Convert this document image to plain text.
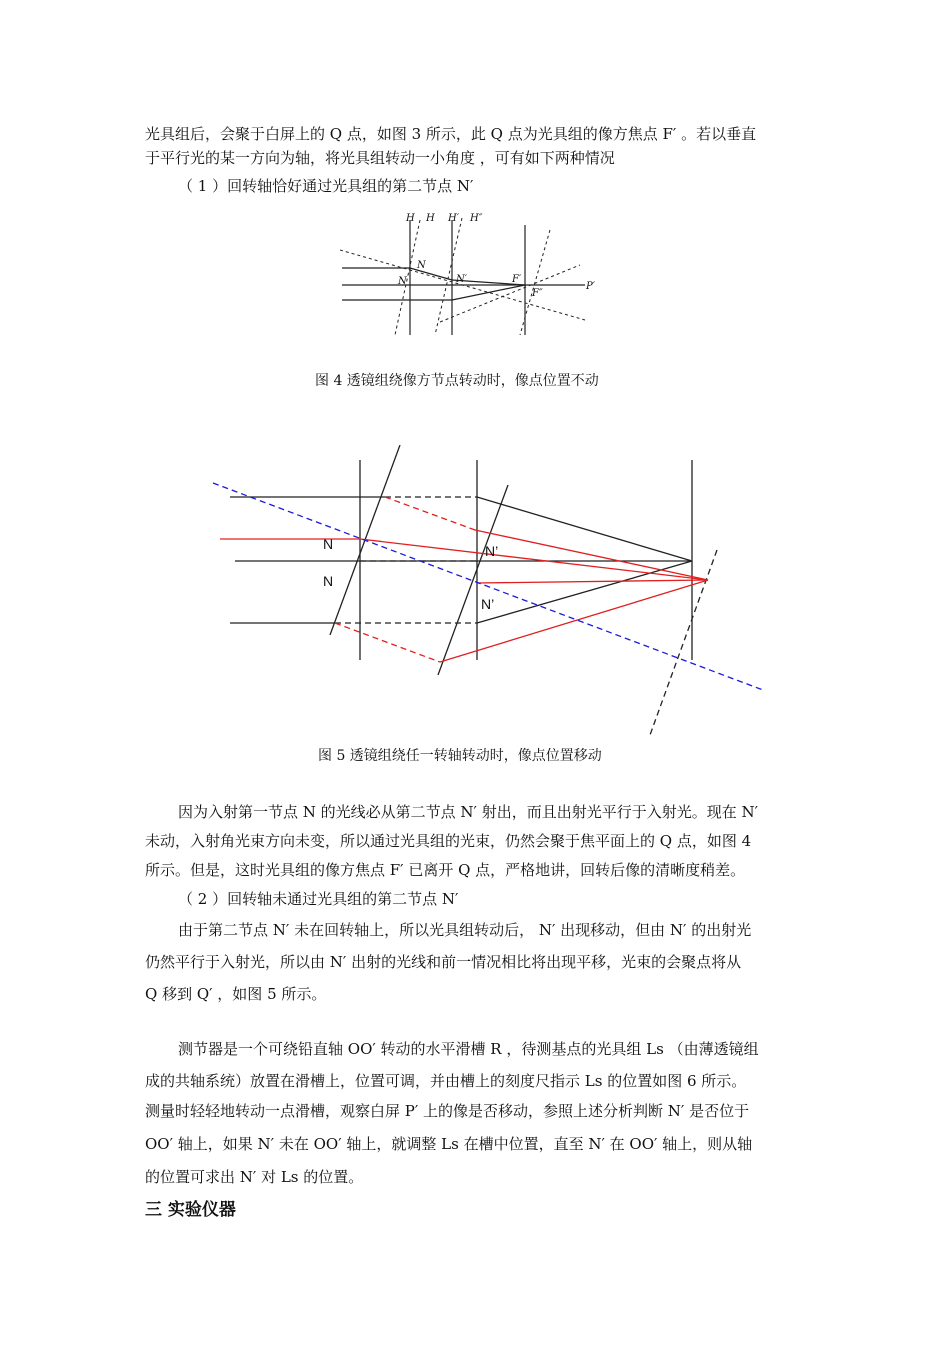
光具组后，会聚于白屏上的 Q 点，如图 3 所示，此 Q 点为光具组的像方焦点 F′ 。若以垂直
于平行光的某一方向为轴，将光具组转动一小角度 ，可有如下两种情况
（ 1 ）回转轴恰好通过光具组的第二节点 N′
H H H′ H″
N
N	N′	F′
F″
P′
图 4 透镜组绕像方节点转动时，像点位置不动
N
N
N’
N’
图 5 透镜组绕任一转轴转动时，像点位置移动
因为入射第一节点 N 的光线必从第二节点 N′ 射出，而且出射光平行于入射光。现在 N′
未动，入射角光束方向未变，所以通过光具组的光束，仍然会聚于焦平面上的 Q 点，如图 4
所示。但是，这时光具组的像方焦点 F′ 已离开 Q 点，严格地讲，回转后像的清晰度稍差。
（ 2 ）回转轴未通过光具组的第二节点 N′
由于第二节点 N′ 未在回转轴上，所以光具组转动后， N′ 出现移动，但由 N′ 的出射光
仍然平行于入射光，所以由 N′ 出射的光线和前一情况相比将出现平移，光束的会聚点将从
Q 移到 Q′ ，如图 5 所示。
测节器是一个可绕铅直轴 OO′ 转动的水平滑槽 R ，待测基点的光具组 Ls （由薄透镜组
成的共轴系统）放置在滑槽上，位置可调，并由槽上的刻度尺指示 Ls 的位置如图 6 所示。
测量时轻轻地转动一点滑槽，观察白屏 P′ 上的像是否移动，参照上述分析判断 N′ 是否位于
OO′ 轴上，如果 N′ 未在 OO′ 轴上，就调整 Ls 在槽中位置，直至 N′ 在 OO′ 轴上，则从轴
的位置可求出 N′ 对 Ls 的位置。
三 实验仪器
